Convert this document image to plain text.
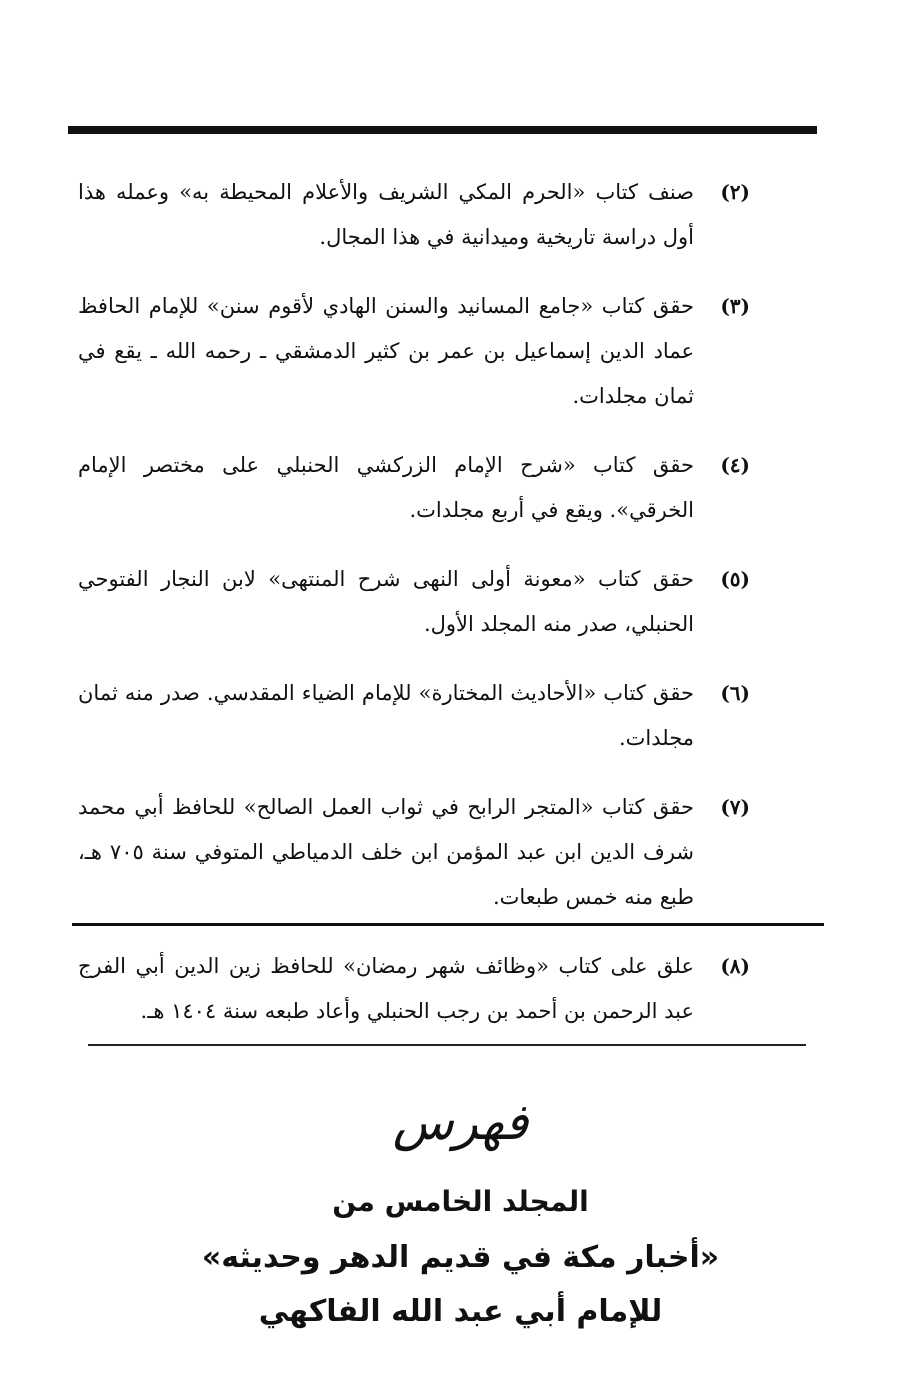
(٢)
صنف كتاب «الحرم المكي الشريف والأعلام المحيطة به» وعمله هذا أول دراسة تاريخية وميدانية في هذا المجال.
(٣)
حقق كتاب «جامع المسانيد والسنن الهادي لأقوم سنن» للإمام الحافظ عماد الدين إسماعيل بن عمر بن كثير الدمشقي ـ رحمه الله ـ يقع في ثمان مجلدات.
(٤)
حقق كتاب «شرح الإمام الزركشي الحنبلي على مختصر الإمام الخرقي». ويقع في أربع مجلدات.
(٥)
حقق كتاب «معونة أولى النهى شرح المنتهى» لابن النجار الفتوحي الحنبلي، صدر منه المجلد الأول.
(٦)
حقق كتاب «الأحاديث المختارة» للإمام الضياء المقدسي. صدر منه ثمان مجلدات.
(٧)
حقق كتاب «المتجر الرابح في ثواب العمل الصالح» للحافظ أبي محمد شرف الدين ابن عبد المؤمن ابن خلف الدمياطي المتوفي سنة ٧٠٥ هـ، طبع منه خمس طبعات.
(٨)
علق على كتاب «وظائف شهر رمضان» للحافظ زين الدين أبي الفرج عبد الرحمن بن أحمد بن رجب الحنبلي وأعاد طبعه سنة ١٤٠٤ هـ.
فهرس
المجلد الخامس من
«أخبار مكة في قديم الدهر وحديثه»
للإمام أبي عبد الله الفاكهي
